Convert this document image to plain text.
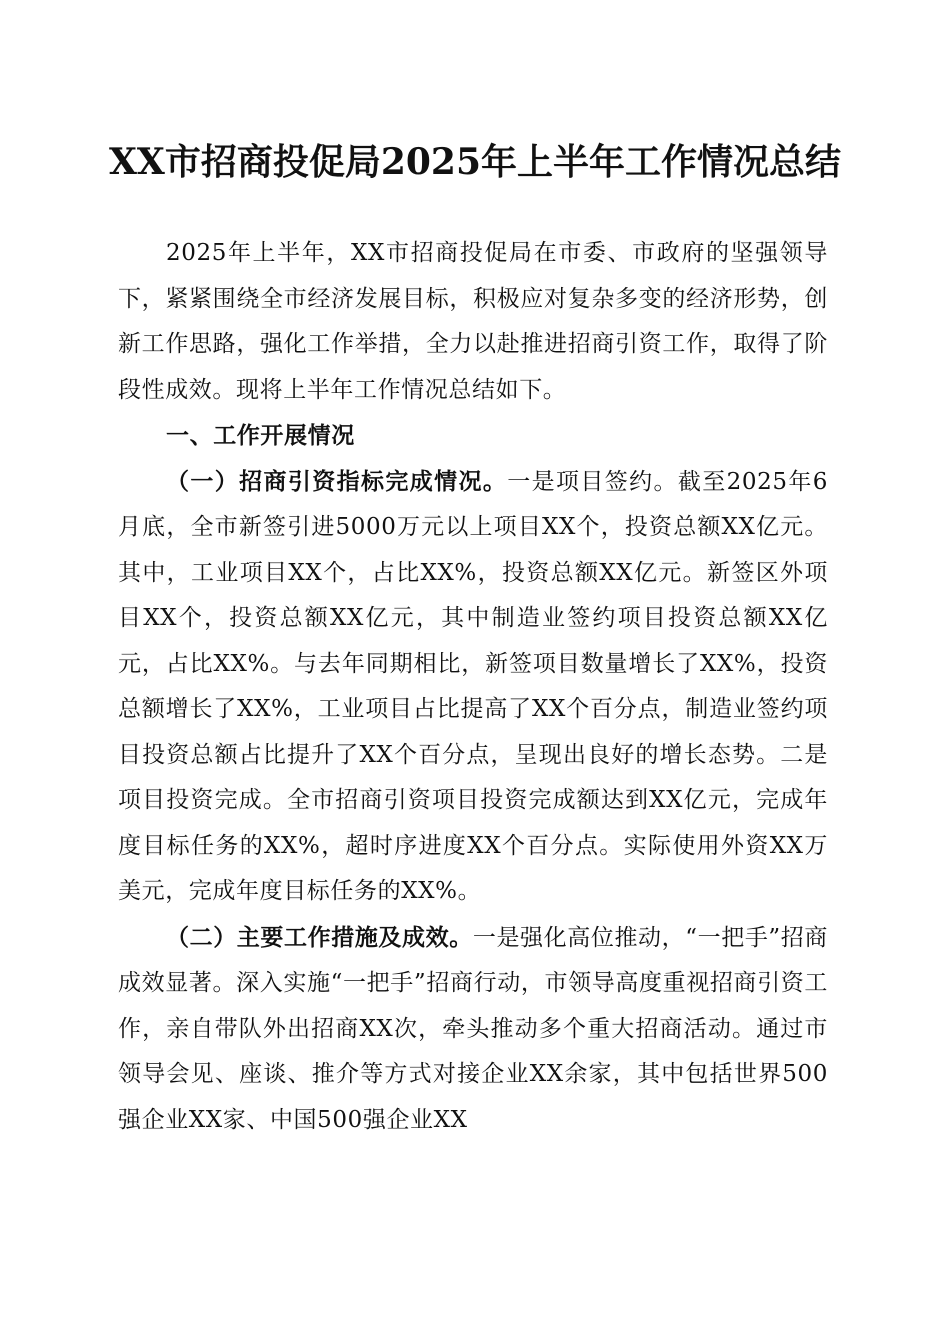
XX市招商投促局2025年上半年工作情况总结

2025年上半年，XX市招商投促局在市委、市政府的坚强领导下，紧紧围绕全市经济发展目标，积极应对复杂多变的经济形势，创新工作思路，强化工作举措，全力以赴推进招商引资工作，取得了阶段性成效。现将上半年工作情况总结如下。

一、工作开展情况

（一）招商引资指标完成情况。一是项目签约。截至2025年6月底，全市新签引进5000万元以上项目XX个，投资总额XX亿元。其中，工业项目XX个，占比XX%，投资总额XX亿元。新签区外项目XX个，投资总额XX亿元，其中制造业签约项目投资总额XX亿元，占比XX%。与去年同期相比，新签项目数量增长了XX%，投资总额增长了XX%，工业项目占比提高了XX个百分点，制造业签约项目投资总额占比提升了XX个百分点，呈现出良好的增长态势。二是项目投资完成。全市招商引资项目投资完成额达到XX亿元，完成年度目标任务的XX%，超时序进度XX个百分点。实际使用外资XX万美元，完成年度目标任务的XX%。

（二）主要工作措施及成效。一是强化高位推动，“一把手”招商成效显著。深入实施“一把手”招商行动，市领导高度重视招商引资工作，亲自带队外出招商XX次，牵头推动多个重大招商活动。通过市领导会见、座谈、推介等方式对接企业XX余家，其中包括世界500强企业XX家、中国500强企业XX
